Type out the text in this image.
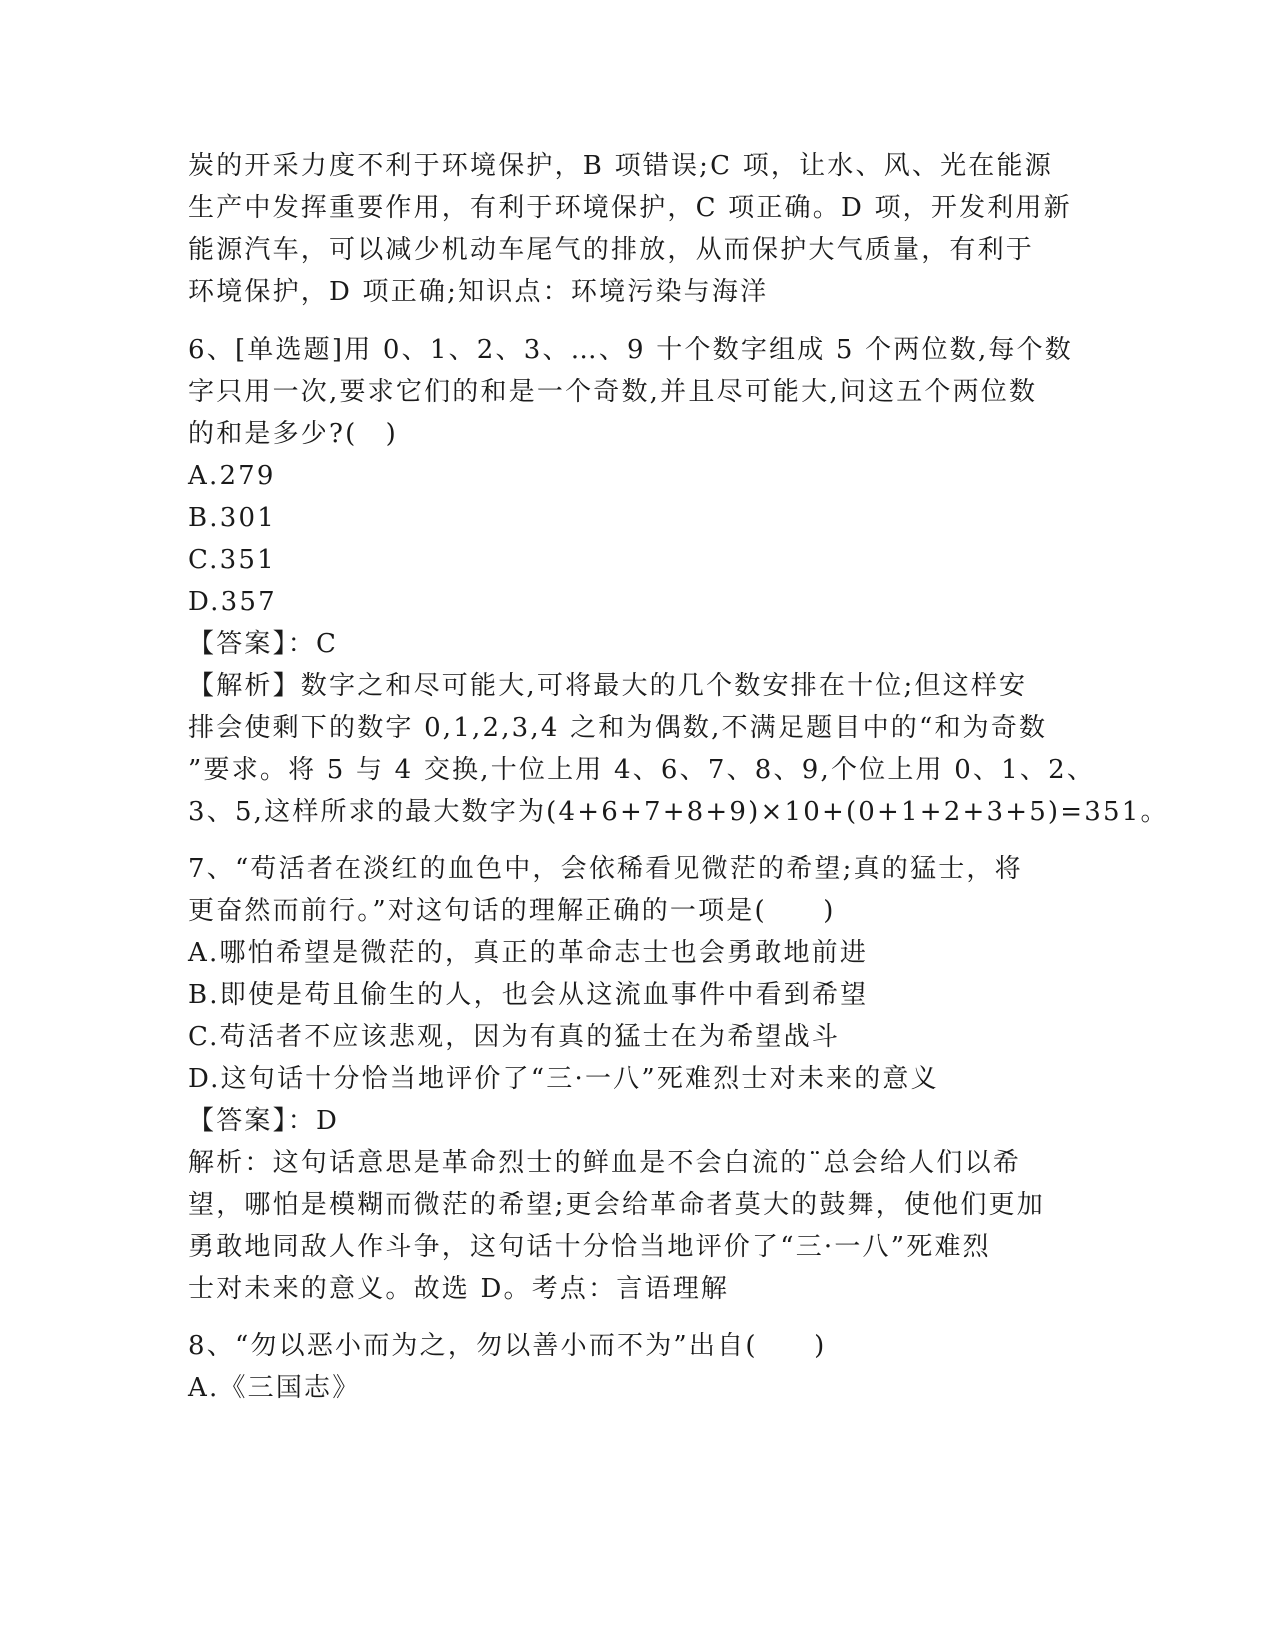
炭的开采力度不利于环境保护，B 项错误;C 项，让水、风、光在能源
生产中发挥重要作用，有利于环境保护，C 项正确。D 项，开发利用新
能源汽车，可以减少机动车尾气的排放，从而保护大气质量，有利于
环境保护，D 项正确;知识点：环境污染与海洋
6、[单选题]用 0、1、2、3、…、9 十个数字组成 5 个两位数,每个数
字只用一次,要求它们的和是一个奇数,并且尽可能大,问这五个两位数
的和是多少?(　)
A.279
B.301
C.351
D.357
【答案】：C
【解析】数字之和尽可能大,可将最大的几个数安排在十位;但这样安
排会使剩下的数字 0,1,2,3,4 之和为偶数,不满足题目中的“和为奇数
”要求。将 5 与 4 交换,十位上用 4、6、7、8、9,个位上用 0、1、2、
3、5,这样所求的最大数字为(4+6+7+8+9)×10+(0+1+2+3+5)=351。
7、“苟活者在淡红的血色中，会依稀看见微茫的希望;真的猛士，将
更奋然而前行。”对这句话的理解正确的一项是(　　)
A.哪怕希望是微茫的，真正的革命志士也会勇敢地前进
B.即使是苟且偷生的人，也会从这流血事件中看到希望
C.苟活者不应该悲观，因为有真的猛士在为希望战斗
D.这句话十分恰当地评价了“三·一八”死难烈士对未来的意义
【答案】：D
解析：这句话意思是革命烈士的鲜血是不会白流的¨总会给人们以希
望，哪怕是模糊而微茫的希望;更会给革命者莫大的鼓舞，使他们更加
勇敢地同敌人作斗争，这句话十分恰当地评价了“三·一八”死难烈
士对未来的意义。故选 D。考点：言语理解
8、“勿以恶小而为之，勿以善小而不为”出自(　　)
A.《三国志》
